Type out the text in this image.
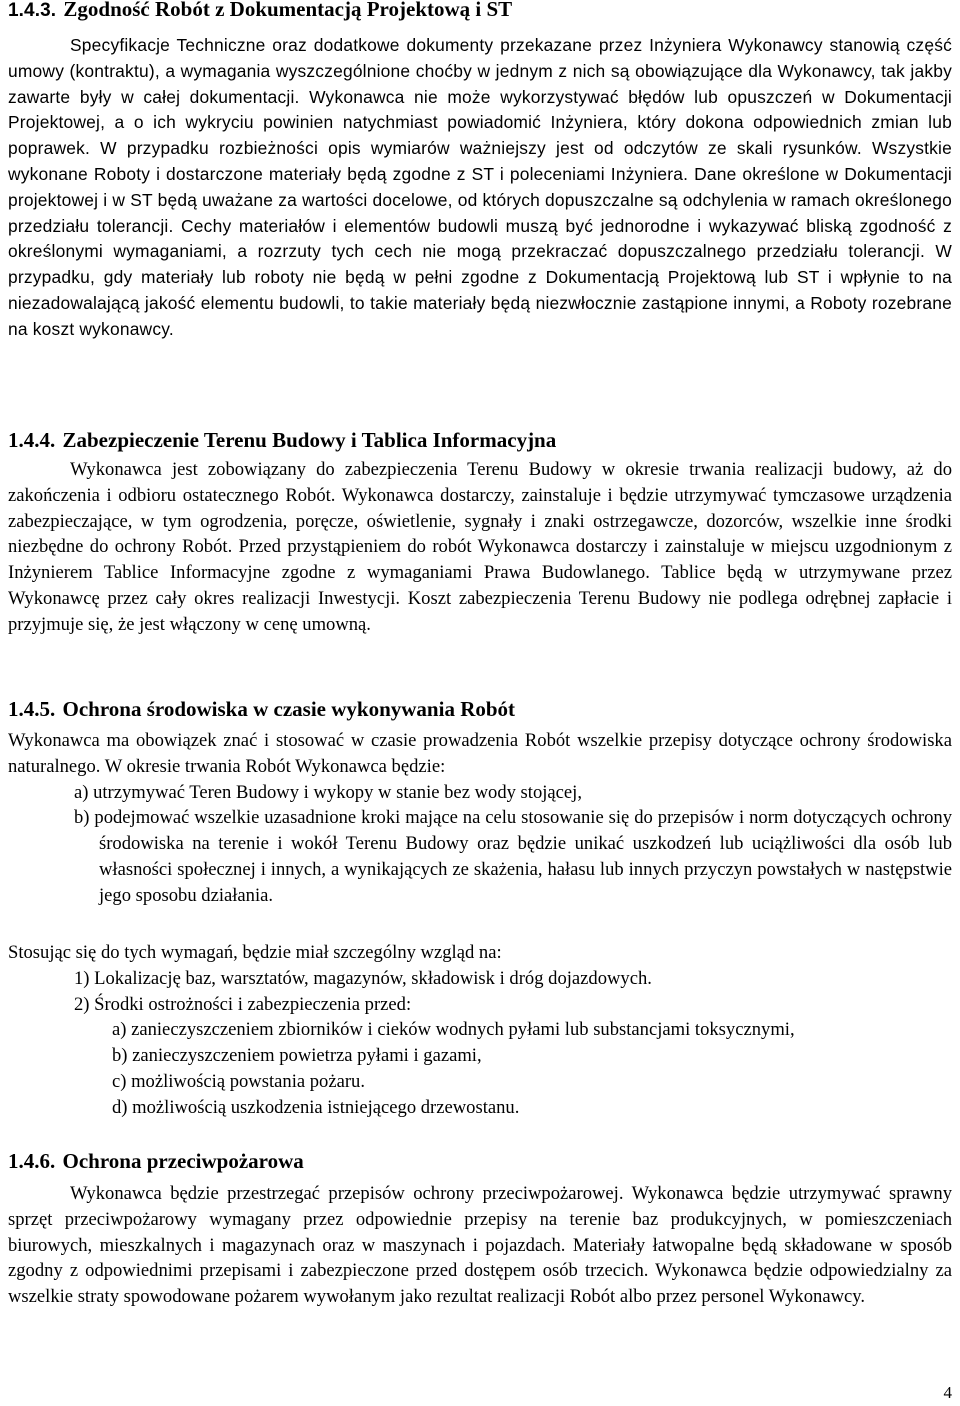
1.4.3. Zgodność Robót z Dokumentacją Projektową i ST

Specyfikacje Techniczne oraz dodatkowe dokumenty przekazane przez Inżyniera Wykonawcy stanowią część umowy (kontraktu), a wymagania wyszczególnione choćby w jednym z nich są obowiązujące dla Wykonawcy, tak jakby zawarte były w całej dokumentacji. Wykonawca nie może wykorzystywać błędów lub opuszczeń w Dokumentacji Projektowej, a o ich wykryciu powinien natychmiast powiadomić Inżyniera, który dokona odpowiednich zmian lub poprawek. W przypadku rozbieżności opis wymiarów ważniejszy jest od odczytów ze skali rysunków. Wszystkie wykonane Roboty i dostarczone materiały będą zgodne z ST i poleceniami Inżyniera. Dane określone w Dokumentacji projektowej i w ST będą uważane za wartości docelowe, od których dopuszczalne są odchylenia w ramach określonego przedziału tolerancji. Cechy materiałów i elementów budowli muszą być jednorodne i wykazywać bliską zgodność z określonymi wymaganiami, a rozrzuty tych cech nie mogą przekraczać dopuszczalnego przedziału tolerancji. W przypadku, gdy materiały lub roboty nie będą w pełni zgodne z Dokumentacją Projektową lub ST i wpłynie to na niezadowalającą jakość elementu budowli, to takie materiały będą niezwłocznie zastąpione innymi, a Roboty rozebrane na koszt wykonawcy.

1.4.4. Zabezpieczenie Terenu Budowy i Tablica Informacyjna

Wykonawca jest zobowiązany do zabezpieczenia Terenu Budowy w okresie trwania realizacji budowy, aż do zakończenia i odbioru ostatecznego Robót. Wykonawca dostarczy, zainstaluje i będzie utrzymywać tymczasowe urządzenia zabezpieczające, w tym ogrodzenia, poręcze, oświetlenie, sygnały i znaki ostrzegawcze, dozorców, wszelkie inne środki niezbędne do ochrony Robót. Przed przystąpieniem do robót Wykonawca dostarczy i zainstaluje w miejscu uzgodnionym z Inżynierem Tablice Informacyjne zgodne z wymaganiami Prawa Budowlanego. Tablice będą w utrzymywane przez Wykonawcę przez cały okres realizacji Inwestycji. Koszt zabezpieczenia Terenu Budowy nie podlega odrębnej zapłacie i przyjmuje się, że jest włączony w cenę umowną.

1.4.5. Ochrona środowiska w czasie wykonywania Robót

Wykonawca ma obowiązek znać i stosować w czasie prowadzenia Robót wszelkie przepisy dotyczące ochrony środowiska naturalnego. W okresie trwania Robót Wykonawca będzie:

a) utrzymywać Teren Budowy i wykopy w stanie bez wody stojącej,
b) podejmować wszelkie uzasadnione kroki mające na celu stosowanie się do przepisów i norm dotyczących ochrony środowiska na terenie i wokół Terenu Budowy oraz będzie unikać uszkodzeń lub uciążliwości dla osób lub własności społecznej i innych, a wynikających ze skażenia, hałasu lub innych przyczyn powstałych w następstwie jego sposobu działania.

Stosując się do tych wymagań, będzie miał szczególny wzgląd na:

1) Lokalizację baz, warsztatów, magazynów, składowisk i dróg dojazdowych.
2) Środki ostrożności i zabezpieczenia przed:
a) zanieczyszczeniem zbiorników i cieków wodnych pyłami lub substancjami toksycznymi,
b) zanieczyszczeniem powietrza pyłami i gazami,
c) możliwością powstania pożaru.
d) możliwością uszkodzenia istniejącego drzewostanu.
1.4.6. Ochrona przeciwpożarowa

Wykonawca będzie przestrzegać przepisów ochrony przeciwpożarowej. Wykonawca będzie utrzymywać sprawny sprzęt przeciwpożarowy wymagany przez odpowiednie przepisy na terenie baz produkcyjnych, w pomieszczeniach biurowych, mieszkalnych i magazynach oraz w maszynach i pojazdach. Materiały łatwopalne będą składowane w sposób zgodny z odpowiednimi przepisami i zabezpieczone przed dostępem osób trzecich. Wykonawca będzie odpowiedzialny za wszelkie straty spowodowane pożarem wywołanym jako rezultat realizacji Robót albo przez personel Wykonawcy.

4
